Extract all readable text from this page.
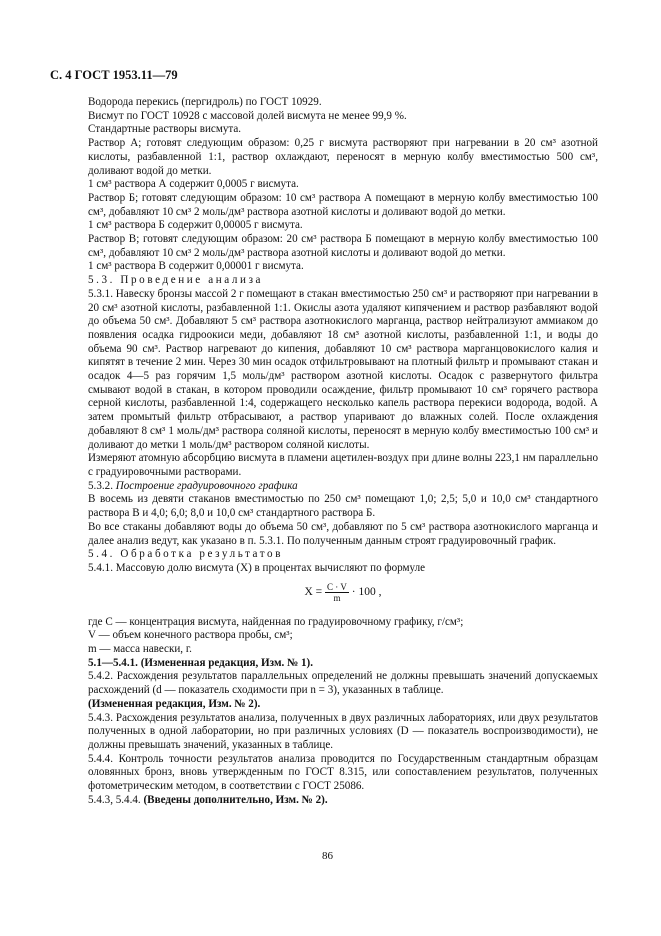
С. 4 ГОСТ 1953.11—79

Водорода перекись (пергидроль) по ГОСТ 10929.

Висмут по ГОСТ 10928 с массовой долей висмута не менее 99,9 %.

Стандартные растворы висмута.

Раствор А; готовят следующим образом: 0,25 г висмута растворяют при нагревании в 20 см³ азотной кислоты, разбавленной 1:1, раствор охлаждают, переносят в мерную колбу вместимостью 500 см³, доливают водой до метки.

1 см³ раствора А содержит 0,0005 г висмута.

Раствор Б; готовят следующим образом: 10 см³ раствора А помещают в мерную колбу вместимостью 100 см³, добавляют 10 см³ 2 моль/дм³ раствора азотной кислоты и доливают водой до метки.

1 см³ раствора Б содержит 0,00005 г висмута.

Раствор В; готовят следующим образом: 20 см³ раствора Б помещают в мерную колбу вместимостью 100 см³, добавляют 10 см³ 2 моль/дм³ раствора азотной кислоты и доливают водой до метки.

1 см³ раствора В содержит 0,00001 г висмута.

5.3. Проведение анализа

5.3.1. Навеску бронзы массой 2 г помещают в стакан вместимостью 250 см³ и растворяют при нагревании в 20 см³ азотной кислоты, разбавленной 1:1. Окислы азота удаляют кипячением и раствор разбавляют водой до объема 50 см³. Добавляют 5 см³ раствора азотнокислого марганца, раствор нейтрализуют аммиаком до появления осадка гидроокиси меди, добавляют 18 см³ азотной кислоты, разбавленной 1:1, и воды до объема 90 см³. Раствор нагревают до кипения, добавляют 10 см³ раствора марганцовокислого калия и кипятят в течение 2 мин. Через 30 мин осадок отфильтровывают на плотный фильтр и промывают стакан и осадок 4—5 раз горячим 1,5 моль/дм³ раствором азотной кислоты. Осадок с развернутого фильтра смывают водой в стакан, в котором проводили осаждение, фильтр промывают 10 см³ горячего раствора серной кислоты, разбавленной 1:4, содержащего несколько капель раствора перекиси водорода, водой. А затем промытый фильтр отбрасывают, а раствор упаривают до влажных солей. После охлаждения добавляют 8 см³ 1 моль/дм³ раствора соляной кислоты, переносят в мерную колбу вместимостью 100 см³ и доливают до метки 1 моль/дм³ раствором соляной кислоты.

Измеряют атомную абсорбцию висмута в пламени ацетилен-воздух при длине волны 223,1 нм параллельно с градуировочными растворами.

5.3.2. Построение градуировочного графика

В восемь из девяти стаканов вместимостью по 250 см³ помещают 1,0; 2,5; 5,0 и 10,0 см³ стандартного раствора В и 4,0; 6,0; 8,0 и 10,0 см³ стандартного раствора Б.

Во все стаканы добавляют воды до объема 50 см³, добавляют по 5 см³ раствора азотнокислого марганца и далее анализ ведут, как указано в п. 5.3.1. По полученным данным строят градуировочный график.

5.4. Обработка результатов

5.4.1. Массовую долю висмута (X) в процентах вычисляют по формуле

$X = \frac{C \cdot V}{m} \cdot 100$ ,

где C — концентрация висмута, найденная по градуировочному графику, г/см³;

V — объем конечного раствора пробы, см³;

m — масса навески, г.

5.1—5.4.1. (Измененная редакция, Изм. № 1).

5.4.2. Расхождения результатов параллельных определений не должны превышать значений допускаемых расхождений (d — показатель сходимости при n = 3), указанных в таблице.

(Измененная редакция, Изм. № 2).

5.4.3. Расхождения результатов анализа, полученных в двух различных лабораториях, или двух результатов полученных в одной лаборатории, но при различных условиях (D — показатель воспроизводимости), не должны превышать значений, указанных в таблице.

5.4.4. Контроль точности результатов анализа проводится по Государственным стандартным образцам оловянных бронз, вновь утвержденным по ГОСТ 8.315, или сопоставлением результатов, полученных фотометрическим методом, в соответствии с ГОСТ 25086.

5.4.3, 5.4.4. (Введены дополнительно, Изм. № 2).

86
